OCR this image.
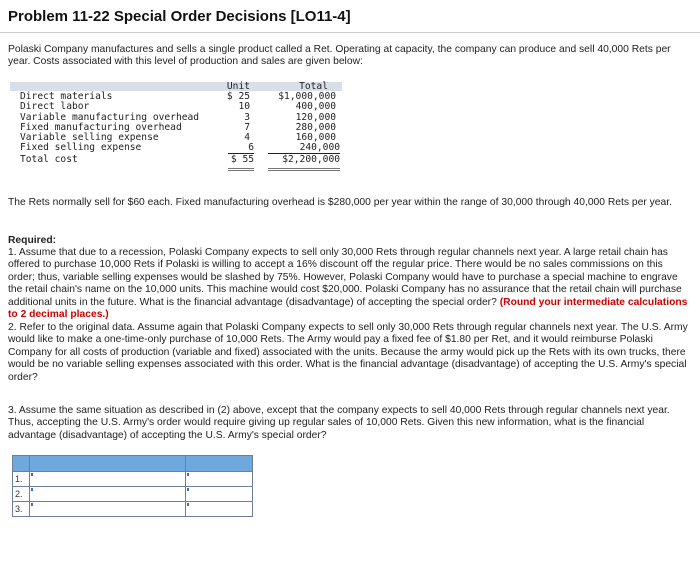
Problem 11-22 Special Order Decisions [LO11-4]
Polaski Company manufactures and sells a single product called a Ret. Operating at capacity, the company can produce and sell 40,000 Rets per year. Costs associated with this level of production and sales are given below:
Unit	Total
Direct materials	$ 25	$1,000,000
Direct labor	10	400,000
Variable manufacturing overhead	3	120,000
Fixed manufacturing overhead	7	280,000
Variable selling expense	4	160,000
Fixed selling expense	6	240,000
Total cost	$ 55	$2,200,000
The Rets normally sell for $60 each. Fixed manufacturing overhead is $280,000 per year within the range of 30,000 through 40,000 Rets per year.
Required:
1. Assume that due to a recession, Polaski Company expects to sell only 30,000 Rets through regular channels next year. A large retail chain has offered to purchase 10,000 Rets if Polaski is willing to accept a 16% discount off the regular price. There would be no sales commissions on this order; thus, variable selling expenses would be slashed by 75%. However, Polaski Company would have to purchase a special machine to engrave the retail chain's name on the 10,000 units. This machine would cost $20,000. Polaski Company has no assurance that the retail chain will purchase additional units in the future. What is the financial advantage (disadvantage) of accepting the special order? (Round your intermediate calculations to 2 decimal places.)
2. Refer to the original data. Assume again that Polaski Company expects to sell only 30,000 Rets through regular channels next year. The U.S. Army would like to make a one-time-only purchase of 10,000 Rets. The Army would pay a fixed fee of $1.80 per Ret, and it would reimburse Polaski Company for all costs of production (variable and fixed) associated with the units. Because the army would pick up the Rets with its own trucks, there would be no variable selling expenses associated with this order. What is the financial advantage (disadvantage) of accepting the U.S. Army's special order?
3. Assume the same situation as described in (2) above, except that the company expects to sell 40,000 Rets through regular channels next year. Thus, accepting the U.S. Army's order would require giving up regular sales of 10,000 Rets. Given this new information, what is the financial advantage (disadvantage) of accepting the U.S. Army's special order?

1.		
2.		
3.		
